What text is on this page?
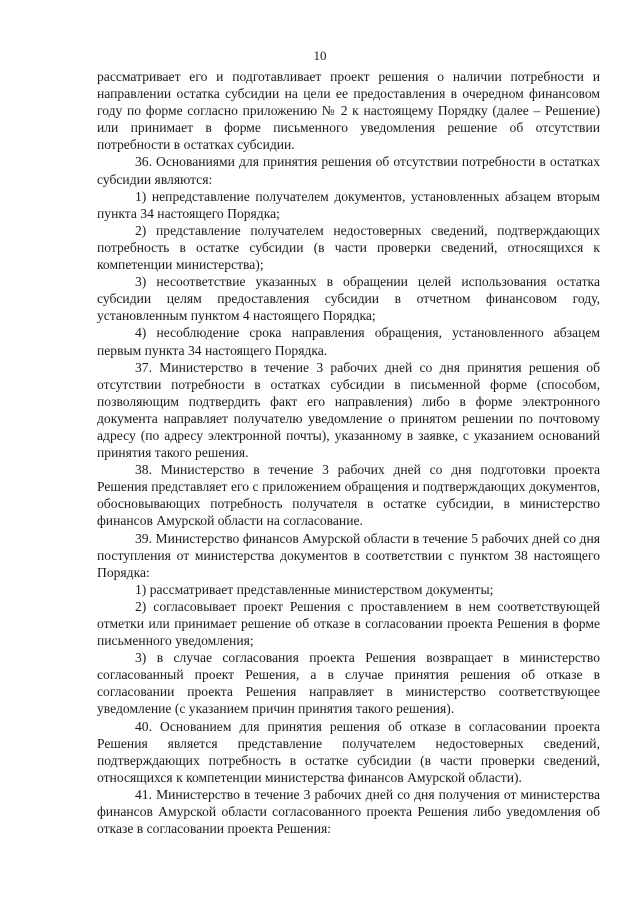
10

рассматривает его и подготавливает проект решения о наличии потребности и направлении остатка субсидии на цели ее предоставления в очередном финансовом году по форме согласно приложению № 2 к настоящему Порядку (далее – Решение) или принимает в форме письменного уведомления решение об отсутствии потребности в остатках субсидии.

36. Основаниями для принятия решения об отсутствии потребности в остатках субсидии являются:

1) непредставление получателем документов, установленных абзацем вторым пункта 34 настоящего Порядка;

2) представление получателем недостоверных сведений, подтверждающих потребность в остатке субсидии (в части проверки сведений, относящихся к компетенции министерства);

3) несоответствие указанных в обращении целей использования остатка субсидии целям предоставления субсидии в отчетном финансовом году, установленным пунктом 4 настоящего Порядка;

4) несоблюдение срока направления обращения, установленного абзацем первым пункта 34 настоящего Порядка.

37. Министерство в течение 3 рабочих дней со дня принятия решения об отсутствии потребности в остатках субсидии в письменной форме (способом, позволяющим подтвердить факт его направления) либо в форме электронного документа направляет получателю уведомление о принятом решении по почтовому адресу (по адресу электронной почты), указанному в заявке, с указанием оснований принятия такого решения.

38. Министерство в течение 3 рабочих дней со дня подготовки проекта Решения представляет его с приложением обращения и подтверждающих документов, обосновывающих потребность получателя в остатке субсидии, в министерство финансов Амурской области на согласование.

39. Министерство финансов Амурской области в течение 5 рабочих дней со дня поступления от министерства документов в соответствии с пунктом 38 настоящего Порядка:

1) рассматривает представленные министерством документы;

2) согласовывает проект Решения с проставлением в нем соответствующей отметки или принимает решение об отказе в согласовании проекта Решения в форме письменного уведомления;

3) в случае согласования проекта Решения возвращает в министерство согласованный проект Решения, а в случае принятия решения об отказе в согласовании проекта Решения направляет в министерство соответствующее уведомление (с указанием причин принятия такого решения).

40. Основанием для принятия решения об отказе в согласовании проекта Решения является представление получателем недостоверных сведений, подтверждающих потребность в остатке субсидии (в части проверки сведений, относящихся к компетенции министерства финансов Амурской области).

41. Министерство в течение 3 рабочих дней со дня получения от министерства финансов Амурской области согласованного проекта Решения либо уведомления об отказе в согласовании проекта Решения:
